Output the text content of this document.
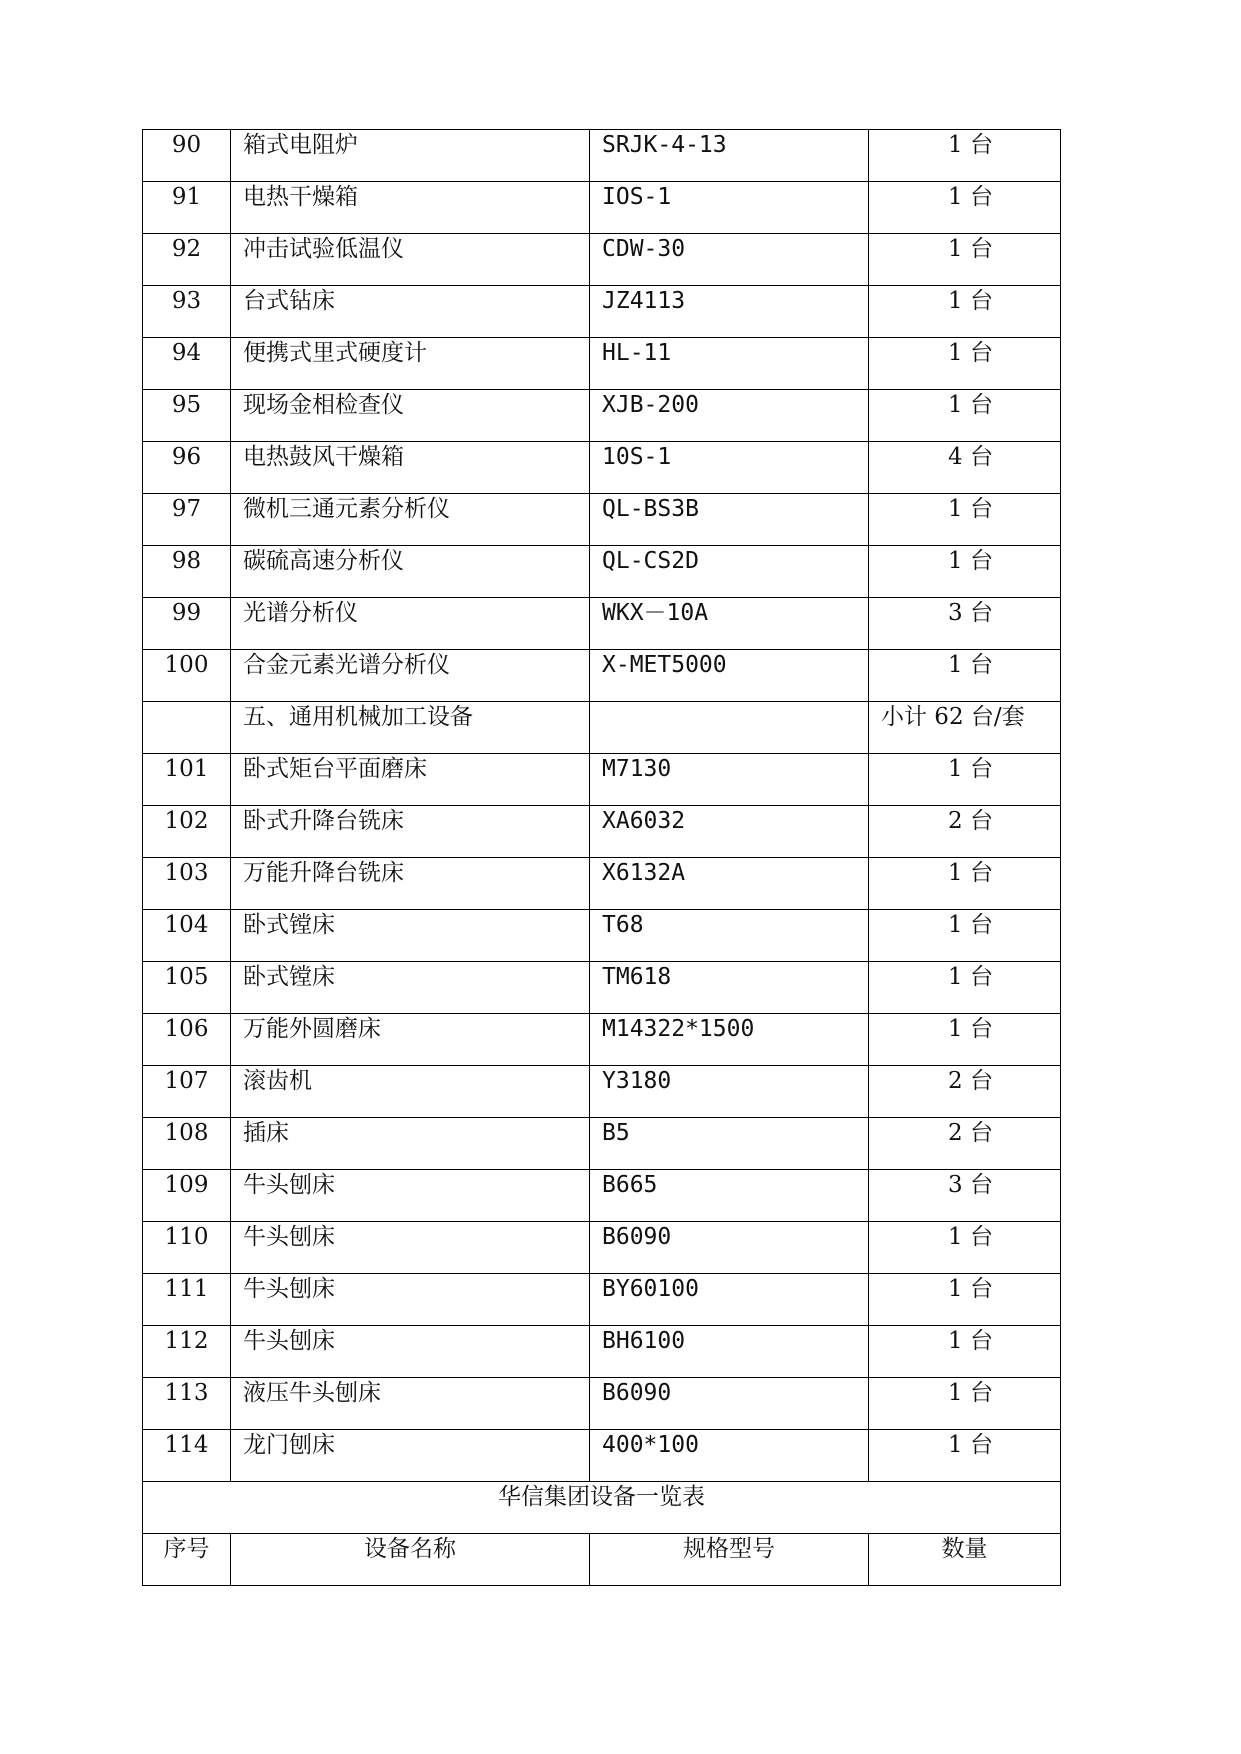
90	箱式电阻炉	SRJK-4-13	1 台

91	电热干燥箱	IOS-1	1 台

92	冲击试验低温仪	CDW-30	1 台

93	台式钻床	JZ4113	1 台

94	便携式里式硬度计	HL-11	1 台

95	现场金相检查仪	XJB-200	1 台

96	电热鼓风干燥箱	10S-1	4 台

97	微机三通元素分析仪	QL-BS3B	1 台

98	碳硫高速分析仪	QL-CS2D	1 台

99	光谱分析仪	WKX－10A	3 台

100	合金元素光谱分析仪	X-MET5000	1 台

	五、通用机械加工设备		小计 62 台/套

101	卧式矩台平面磨床	M7130	1 台

102	卧式升降台铣床	XA6032	2 台

103	万能升降台铣床	X6132A	1 台

104	卧式镗床	T68	1 台

105	卧式镗床	TM618	1 台

106	万能外圆磨床	M14322*1500	1 台

107	滚齿机	Y3180	2 台

108	插床	B5	2 台

109	牛头刨床	B665	3 台

110	牛头刨床	B6090	1 台

111	牛头刨床	BY60100	1 台

112	牛头刨床	BH6100	1 台

113	液压牛头刨床	B6090	1 台

114	龙门刨床	400*100	1 台

华信集团设备一览表			

序号	设备名称	规格型号	数量
